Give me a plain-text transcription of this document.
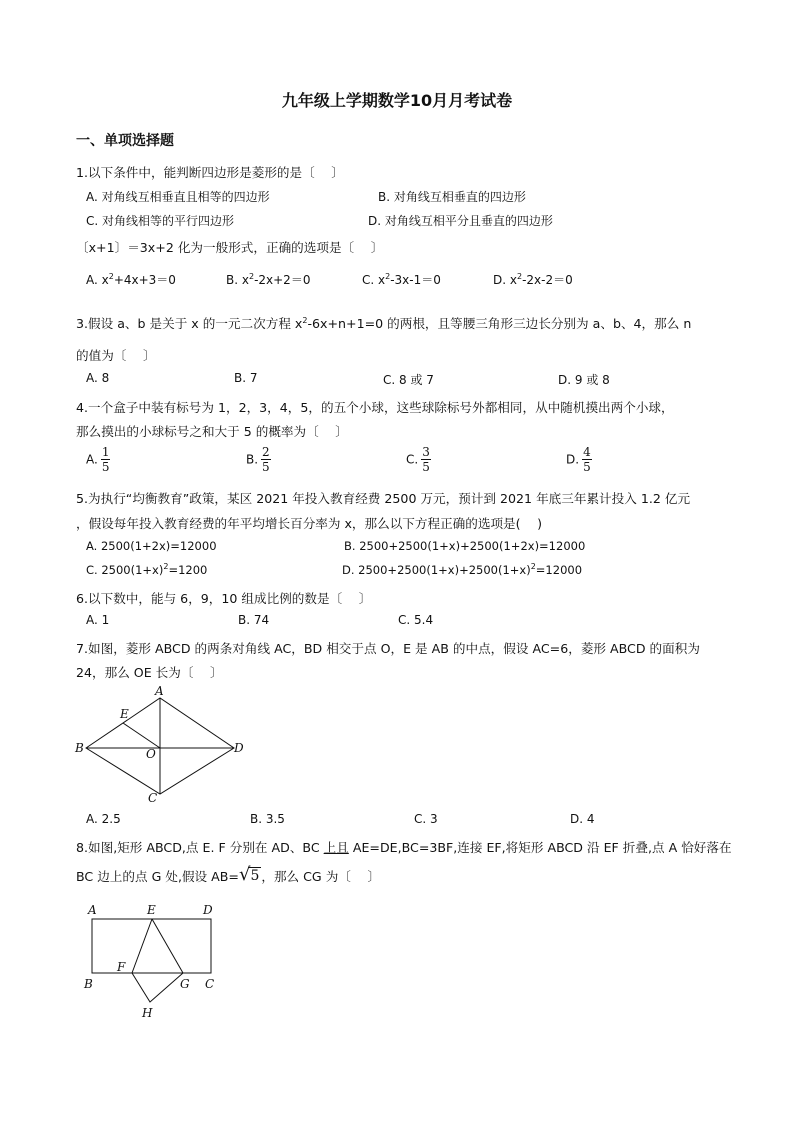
九年级上学期数学10月月考试卷
一、单项选择题
1.以下条件中，能判断四边形是菱形的是〔 　〕
A. 对角线互相垂直且相等的四边形	B. 对角线互相垂直的四边形
C. 对角线相等的平行四边形	D. 对角线互相平分且垂直的四边形
〔x+1〕＝3x+2 化为一般形式，正确的选项是〔 　〕
A. $x^2+4x+3=0$	B. $x^2-2x+2=0$	C. $x^2-3x-1=0$	D. $x^2-2x-2=0$
3.假设 a、b 是关于 x 的一元二次方程 $x^2-6x+n+1=0$ 的两根，且等腰三角形三边长分别为 a、b、4，那么 n
的值为〔 　〕
A. 8	B. 7	C. 8 或 7	D. 9 或 8
4.一个盒子中装有标号为 1，2，3，4，5，的五个小球，这些球除标号外都相同，从中随机摸出两个小球，
那么摸出的小球标号之和大于 5 的概率为〔 　〕
A. $\frac{1}{5}$	B. $\frac{2}{5}$	C. $\frac{3}{5}$	D. $\frac{4}{5}$
5.为执行“均衡教育”政策，某区 2021 年投入教育经费 2500 万元，预计到 2021 年底三年累计投入 1.2 亿元
，假设每年投入教育经费的年平均增长百分率为 x，那么以下方程正确的选项是(　 )
A. 2500(1+2x)=12000	B. 2500+2500(1+x)+2500(1+2x)=12000
C. $2500(1+x)^2=1200$	D. $2500+2500(1+x)+2500(1+x)^2=12000$
6.以下数中，能与 6，9，10 组成比例的数是〔 　〕
A. 1	B. 74	C. 5.4
7.如图，菱形 ABCD 的两条对角线 AC，BD 相交于点 O，E 是 AB 的中点，假设 AC=6，菱形 ABCD 的面积为
24，那么 OE 长为〔 　〕
A
B
C
D
E
O
A. 2.5	B. 3.5	C. 3	D. 4
8.如图,矩形 ABCD,点 E. F 分别在 AD、BC 上且 AE=DE,BC=3BF,连接 EF,将矩形 ABCD 沿 EF 折叠,点 A 恰好落在
BC 边上的点 G 处,假设 AB=√5 ，那么 CG 为〔 　〕
A	E	D
F
B	G C
H
